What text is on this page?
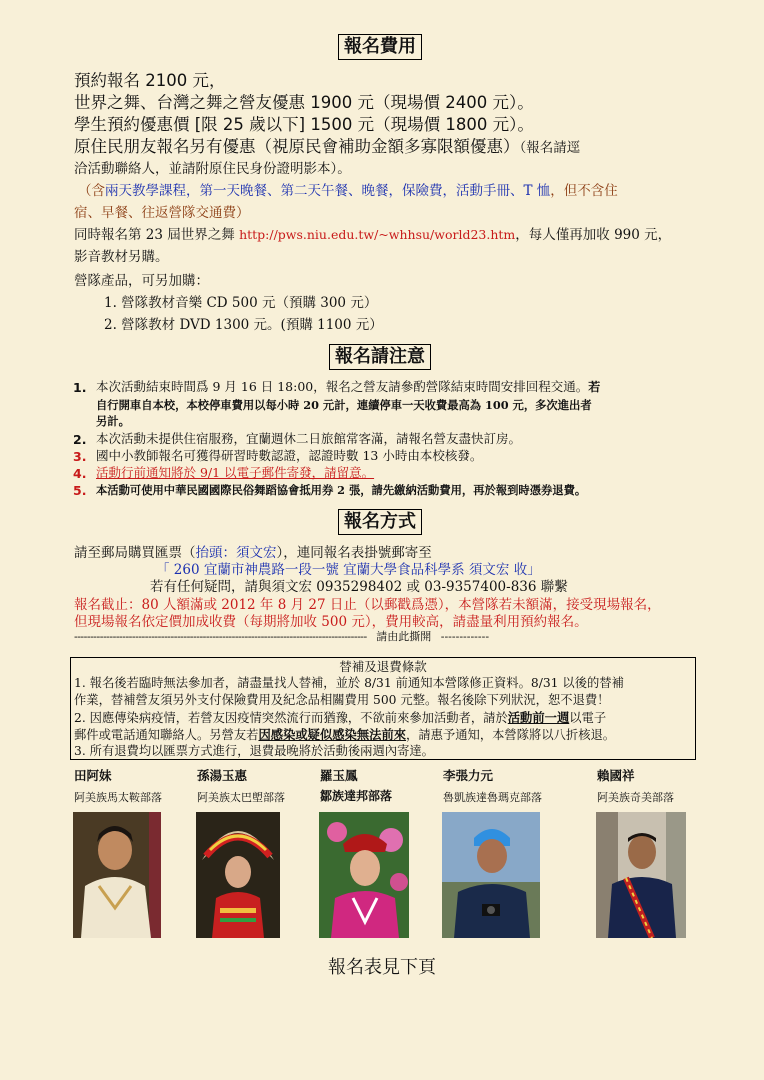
報名費用
預約報名 2100 元，
世界之舞、台灣之舞之營友優惠 1900 元（現場價 2400 元）。
學生預約優惠價 [限 25 歲以下] 1500 元（現場價 1800 元）。
原住民朋友報名另有優惠（視原民會補助金額多寡限額優惠）（報名請逕
洽活動聯絡人，並請附原住民身份證明影本）。
（含兩天教學課程，第一天晚餐、第二天午餐、晚餐，保險費，活動手冊、T 恤，但不含住
宿、早餐、往返營隊交通費）
同時報名第 23 屆世界之舞 http://pws.niu.edu.tw/~whhsu/world23.htm，每人僅再加收 990 元，
影音教材另購。
營隊產品，可另加購：
1. 營隊教材音樂 CD 500 元（預購 300 元）
2. 營隊教材 DVD 1300 元。(預購 1100 元）
報名請注意
1. 本次活動結束時間爲 9 月 16 日 18:00，報名之營友請參酌營隊結束時間安排回程交通。若
自行開車自本校，本校停車費用以每小時 20 元計，連續停車一天收費最高為 100 元，多次進出者
另計。
2. 本次活動未提供住宿服務，宜蘭週休二日旅館常客滿，請報名營友盡快訂房。
3. 國中小教師報名可獲得研習時數認證，認證時數 13 小時由本校核發。
4. 活動行前通知將於 9/1 以電子郵件寄發，請留意。
5. 本活動可使用中華民國國際民俗舞蹈協會抵用券 2 張，請先繳納活動費用，再於報到時憑券退費。
報名方式
請至郵局購買匯票（抬頭：須文宏），連同報名表掛號郵寄至
「 260 宜蘭市神農路一段一號 宜蘭大學食品科學系 須文宏 收」
若有任何疑問，請與須文宏 0935298402 或 03-9357400-836 聯繫
報名截止：80 人額滿或 2012 年 8 月 27 日止（以郵戳爲憑），本營隊若未額滿，接受現場報名，
但現場報名依定價加成收費（每期將加收 500 元），費用較高，請盡量利用預約報名。
------------------------------------------------------------------------------------------- 請由此撕開 -------------
替補及退費條款
1. 報名後若臨時無法參加者，請盡量找人替補，並於 8/31 前通知本營隊修正資料。8/31 以後的替補
作業，替補營友須另外支付保險費用及紀念品相關費用 500 元整。報名後除下列狀況，恕不退費！
2. 因應傳染病疫情，若營友因疫情突然流行而猶豫，不欲前來參加活動者，請於活動前一週以電子
郵件或電話通知聯絡人。另營友若因感染或疑似感染無法前來，請惠予通知，本營隊將以八折核退。
3. 所有退費均以匯票方式進行，退費最晚將於活動後兩週內寄達。
田阿妹
阿美族馬太鞍部落
孫湯玉惠
阿美族太巴塱部落
羅玉鳳
鄒族達邦部落
李張力元
魯凱族達魯瑪克部落
賴國祥
阿美族奇美部落
報名表見下頁
